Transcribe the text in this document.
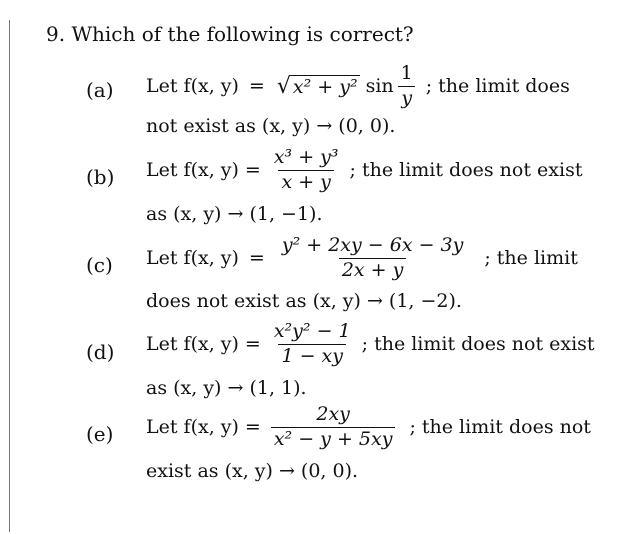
9. Which of the following is correct?
(a) Let f(x, y) = √ x² + y² $\sin \frac{1}{y}$ ; the limit does
not exist as (x, y) → (0, 0).
(b) Let f(x, $y) = \frac{\text{x³ + y³}}{x + y}$ ; the limit does not exist
as (x, y) → (1, −1).
(c) Let f(x, $y) = \frac{\text{y² + 2xy − 6x − 3y}}{2x + y}$ ; the limit
does not exist as (x, y) → (1, −2).
(d) Let f(x, $y) = \frac{\text{x²y² − 1}}{1 - xy}$ ; the limit does not exist
as (x, y) → (1, 1).
(e) Let f(x, $y) = \frac{2xy}{\text{x² − y + 5xy}}$ ; the limit does not
exist as (x, y) → (0, 0).
